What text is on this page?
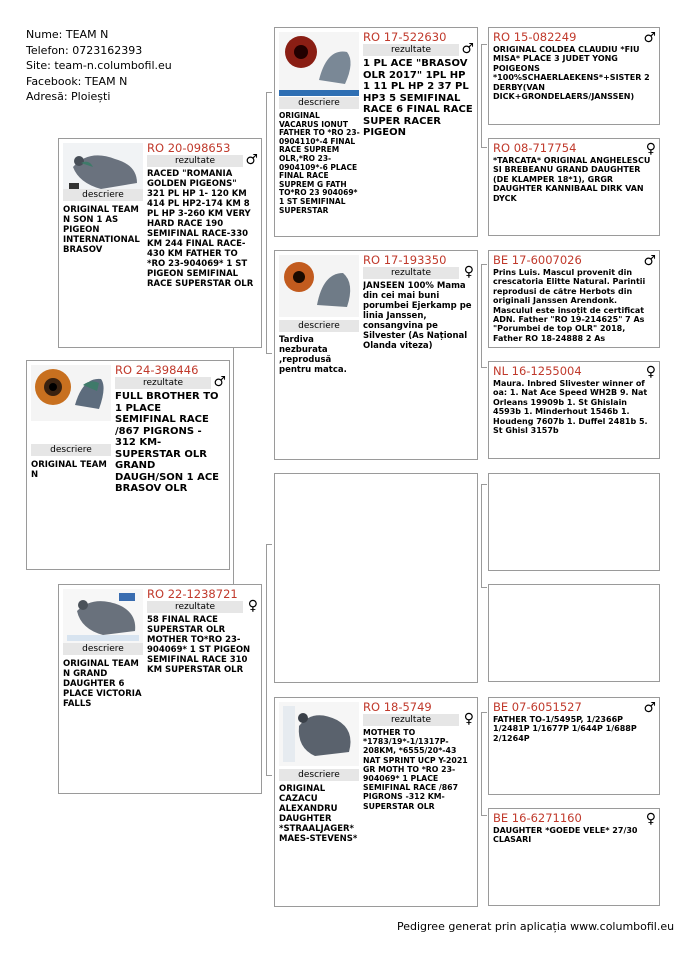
Nume: TEAM N
Telefon: 0723162393
Site: team-n.columbofil.eu
Facebook: TEAM N
Adresă: Ploiești
descriere
ORIGINAL TEAM N
RO 24-398446
rezultate	♂
FULL BROTHER TO 1 PLACE SEMIFINAL RACE /867 PIGRONS - 312 KM-SUPERSTAR OLR GRAND DAUGH/SON 1 ACE BRASOV OLR
descriere
ORIGINAL TEAM N SON 1 AS PIGEON INTERNATIONAL BRASOV
RO 20-098653
rezultate	♂
RACED "ROMANIA GOLDEN PIGEONS" 321 PL HP 1- 120 KM 414 PL HP2-174 KM 8 PL HP 3-260 KM VERY HARD RACE 190 SEMIFINAL RACE-330 KM 244 FINAL RACE-430 KM FATHER TO *RO 23-904069* 1 ST PIGEON SEMIFINAL RACE SUPERSTAR OLR
descriere
ORIGINAL TEAM N GRAND DAUGHTER 6 PLACE VICTORIA FALLS
RO 22-1238721
rezultate	♀
58 FINAL RACE SUPERSTAR OLR MOTHER TO*RO 23-904069* 1 ST PIGEON SEMIFINAL RACE 310 KM SUPERSTAR OLR
descriere
ORIGINAL VACARUS IONUT FATHER TO *RO 23-0904110*-4 FINAL RACE SUPREM OLR,*RO 23-0904109*-6 PLACE FINAL RACE SUPREM G FATH TO*RO 23 904069* 1 ST SEMIFINAL SUPERSTAR
RO 17-522630
rezultate	♂
1 PL ACE "BRASOV OLR 2017" 1PL HP 1 11 PL HP 2 37 PL HP3 5 SEMIFINAL RACE 6 FINAL RACE SUPER RACER PIGEON
descriere
Tardiva nezburata ,reprodusă pentru matca.
RO 17-193350
rezultate	♀
JANSEEN 100% Mama din cei mai buni porumbei Ejerkamp pe linia Janssen, consangvina pe Silvester (As Național Olanda viteza)
descriere
ORIGINAL CAZACU ALEXANDRU DAUGHTER *STRAALJAGER* MAES-STEVENS*
RO 18-5749
rezultate	♀
MOTHER TO *1783/19*-1/1317P-208KM, *6555/20*-43 NAT SPRINT UCP Y-2021 GR MOTH TO *RO 23-904069* 1 PLACE SEMIFINAL RACE /867 PIGRONS -312 KM-SUPERSTAR OLR
RO 15-082249	♂
ORIGINAL COLDEA CLAUDIU *FIU MISA* PLACE 3 JUDET YONG POIGEONS *100%SCHAERLAEKENS*+SISTER 2 DERBY(VAN DICK+GRONDELAERS/JANSSEN)
RO 08-717754	♀
*TARCATA* ORIGINAL ANGHELESCU SI BREBEANU GRAND DAUGHTER (DE KLAMPER 18*1), GRGR DAUGHTER KANNIBAAL DIRK VAN DYCK
BE 17-6007026	♂
Prins Luis. Mascul provenit din crescatoria Elitte Natural. Parintii reprodusi de către Herbots din originali Janssen Arendonk. Masculul este insoțit de certificat ADN. Father "RO 19-214625" 7 As "Porumbei de top OLR" 2018, Father RO 18-24888 2 As
NL 16-1255004	♀
Maura. Inbred Slivester winner of oa: 1. Nat Ace Speed WH2B 9. Nat Orleans 19909b 1. St Ghislain 4593b 1. Minderhout 1546b 1. Houdeng 7607b 1. Duffel 2481b 5. St Ghisl 3157b
BE 07-6051527	♂
FATHER TO-1/5495P, 1/2366P 1/2481P 1/1677P 1/644P 1/688P 2/1264P
BE 16-6271160	♀
DAUGHTER *GOEDE VELE* 27/30 CLASARI
Pedigree generat prin aplicația www.columbofil.eu
